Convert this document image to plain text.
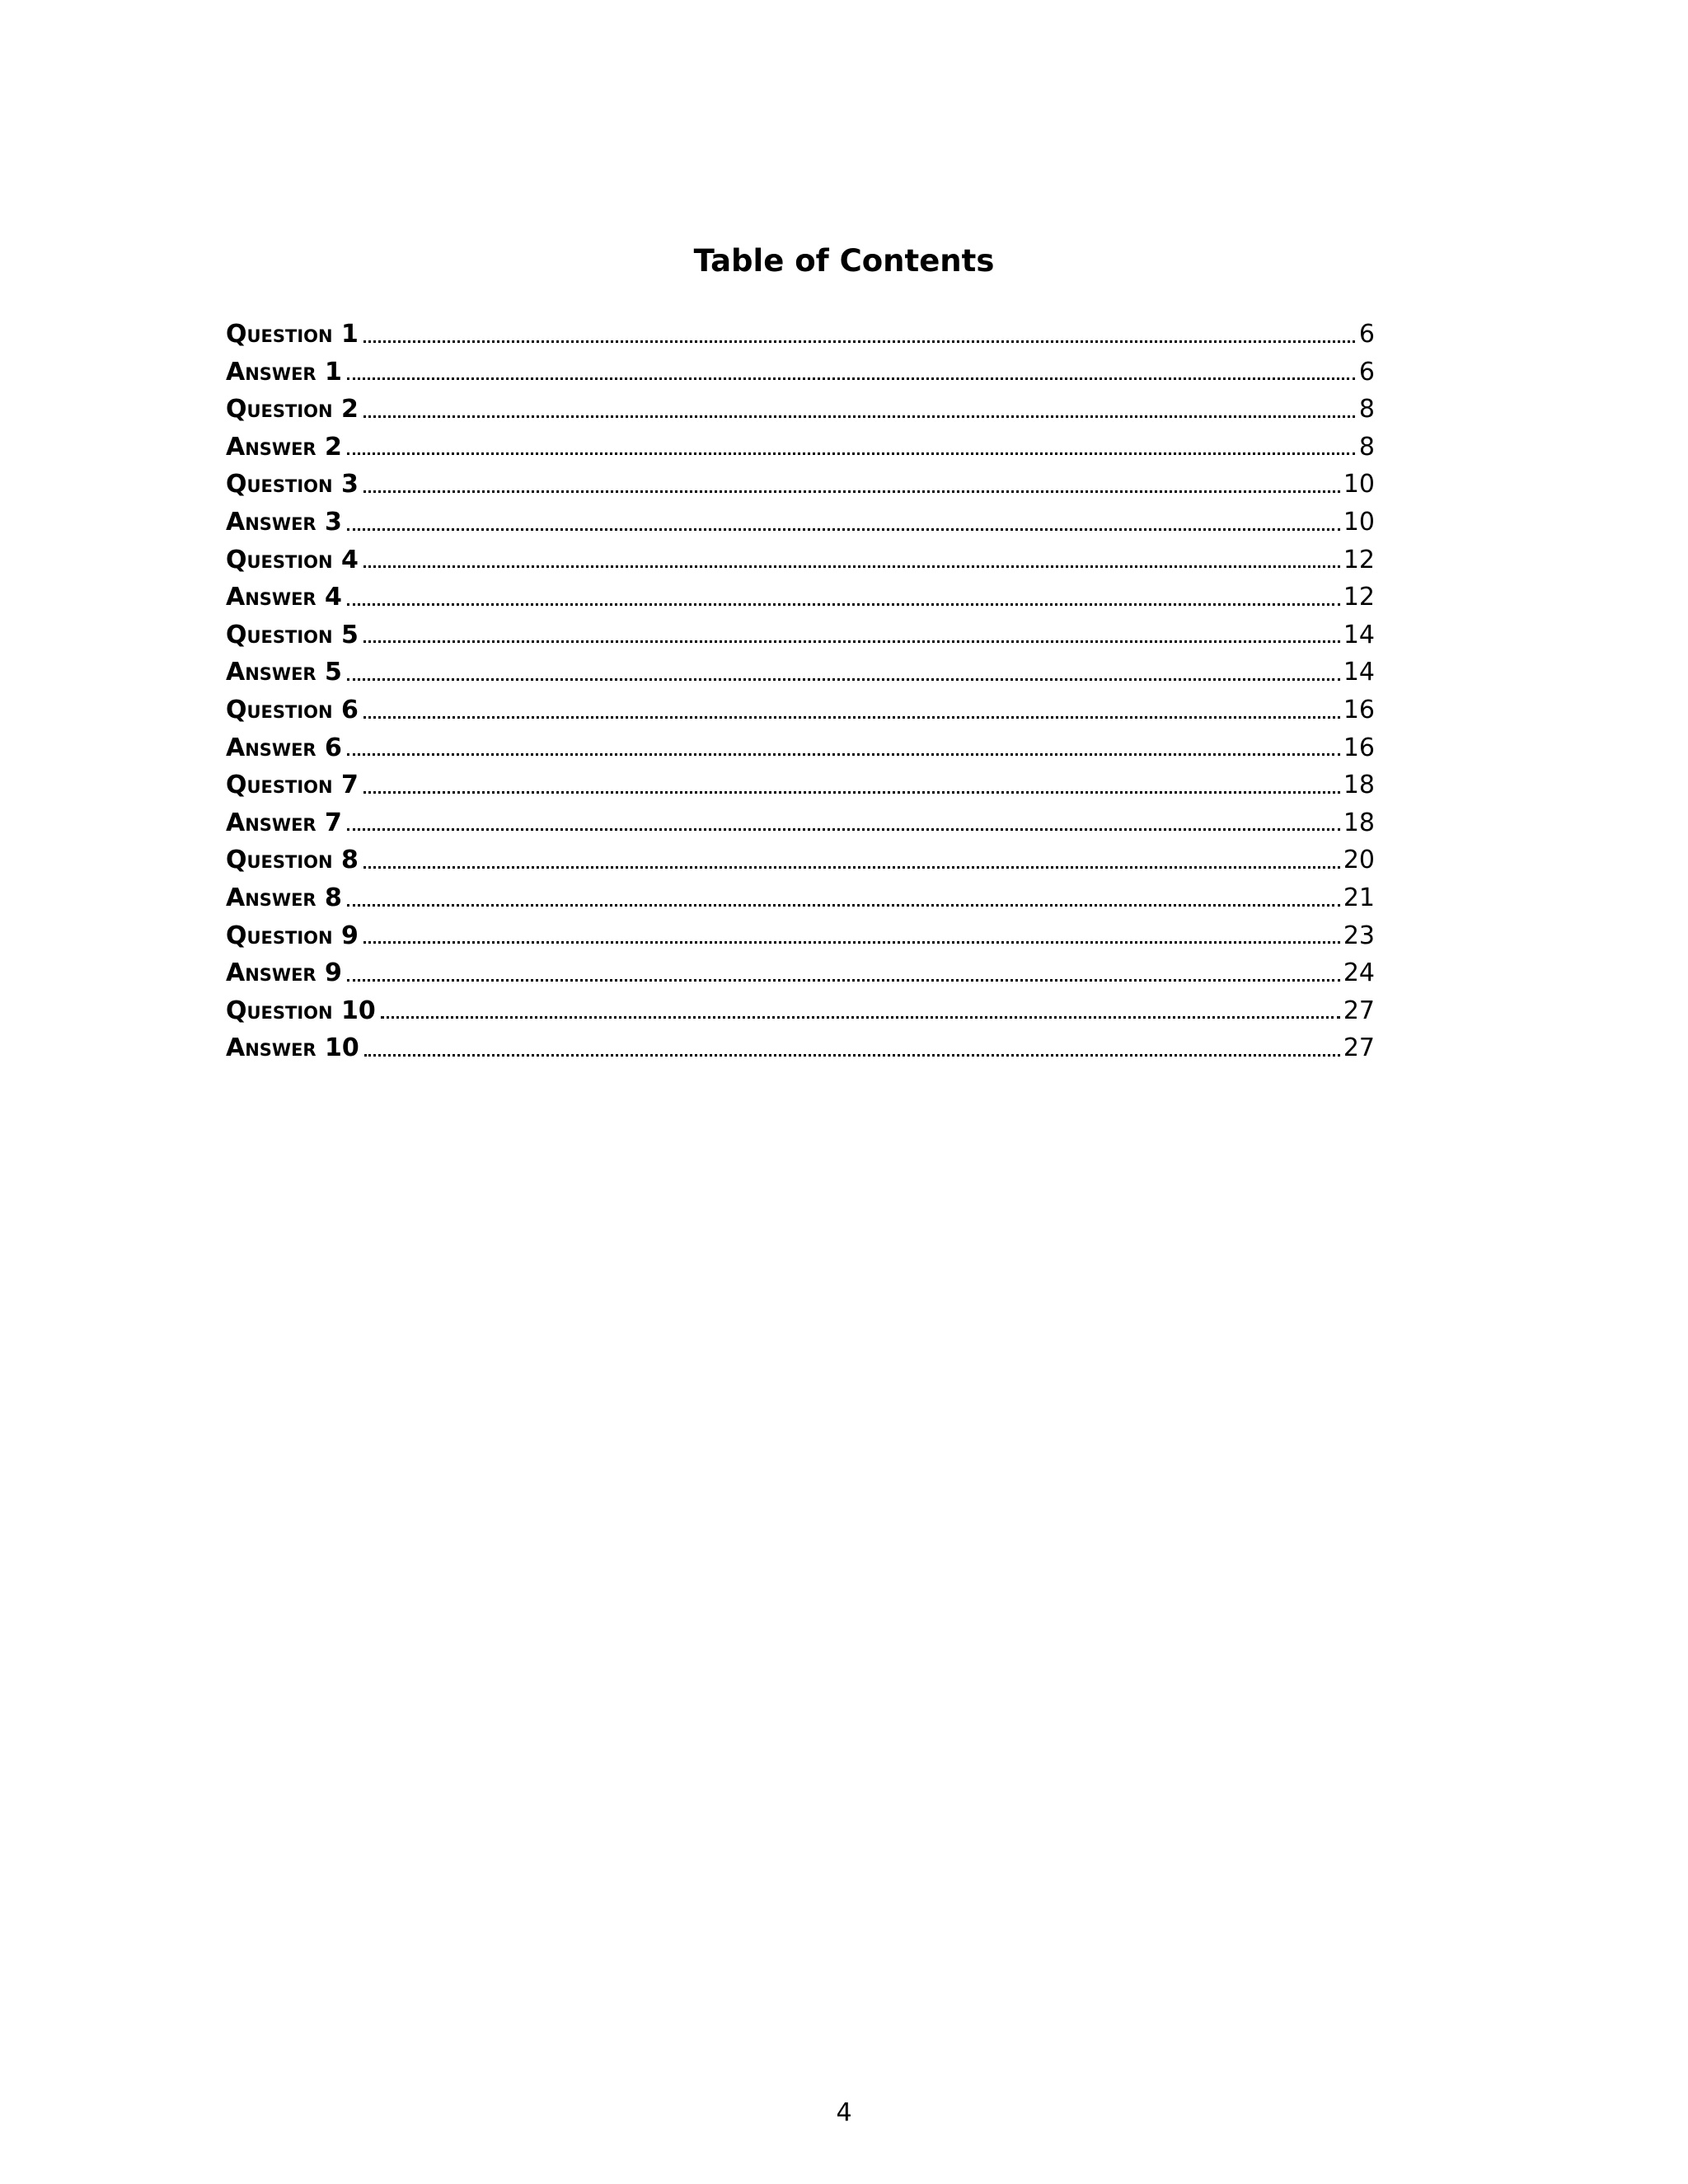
Table of Contents
Question 1	6
Answer 1	6
Question 2	8
Answer 2	8
Question 3	10
Answer 3	10
Question 4	12
Answer 4	12
Question 5	14
Answer 5	14
Question 6	16
Answer 6	16
Question 7	18
Answer 7	18
Question 8	20
Answer 8	21
Question 9	23
Answer 9	24
Question 10	27
Answer 10	27
4
